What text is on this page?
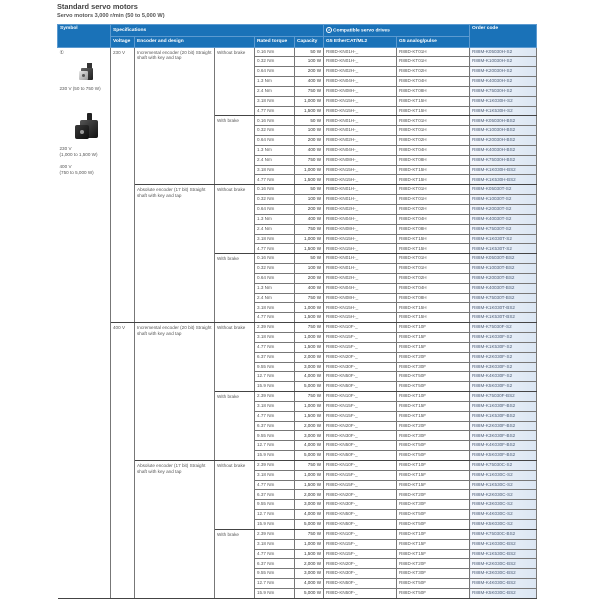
Standard servo motors
Servo motors 3,000 r/min (50 to 5,000 W)
Symbol	Specifications					2 Compatible servo drives		Order code
	Voltage	Encoder and design		Rated torque	Capacity	G5 EtherCAT/ML2	G5 analog/pulse	

①
230 V (50 to 750 W)
230 V
(1,000 to 1,500 W)
400 V
(750 to 5,000 W)
	230 V	Incremental encoder (20 bit) Straight shaft with key and tap	Without brake	0.16 Nm	50 W	R88D-KN01H-_	R88D-KT01H	R88M-K05030H-S2
				0.32 Nm	100 W	R88D-KN01H-_	R88D-KT01H	R88M-K10030H-S2
				0.64 Nm	200 W	R88D-KN02H-_	R88D-KT02H	R88M-K20030H-S2
				1.3 Nm	400 W	R88D-KN04H-_	R88D-KT04H	R88M-K40030H-S2
				2.4 Nm	750 W	R88D-KN08H-_	R88D-KT08H	R88M-K75030H-S2
				3.18 Nm	1,000 W	R88D-KN15H-_	R88D-KT15H	R88M-K1K030H-S2
				4.77 Nm	1,500 W	R88D-KN15H-_	R88D-KT15H	R88M-K1K530H-S2
			With brake	0.16 Nm	50 W	R88D-KN01H-_	R88D-KT01H	R88M-K05030H-BS2
				0.32 Nm	100 W	R88D-KN01H-_	R88D-KT01H	R88M-K10030H-BS2
				0.64 Nm	200 W	R88D-KN02H-_	R88D-KT02H	R88M-K20030H-BS2
				1.3 Nm	400 W	R88D-KN04H-_	R88D-KT04H	R88M-K40030H-BS2
				2.4 Nm	750 W	R88D-KN08H-_	R88D-KT08H	R88M-K75030H-BS2
				3.18 Nm	1,000 W	R88D-KN15H-_	R88D-KT15H	R88M-K1K030H-BS2
				4.77 Nm	1,500 W	R88D-KN15H-_	R88D-KT15H	R88M-K1K530H-BS2
		Absolute encoder (17 bit) Straight shaft with key and tap	Without brake	0.16 Nm	50 W	R88D-KN01H-_	R88D-KT01H	R88M-K05030T-S2
				0.32 Nm	100 W	R88D-KN01H-_	R88D-KT01H	R88M-K10030T-S2
				0.64 Nm	200 W	R88D-KN02H-_	R88D-KT02H	R88M-K20030T-S2
				1.3 Nm	400 W	R88D-KN04H-_	R88D-KT04H	R88M-K40030T-S2
				2.4 Nm	750 W	R88D-KN08H-_	R88D-KT08H	R88M-K75030T-S2
				3.18 Nm	1,000 W	R88D-KN15H-_	R88D-KT15H	R88M-K1K030T-S2
				4.77 Nm	1,500 W	R88D-KN15H-_	R88D-KT15H	R88M-K1K530T-S2
			With brake	0.16 Nm	50 W	R88D-KN01H-_	R88D-KT01H	R88M-K05030T-BS2
				0.32 Nm	100 W	R88D-KN01H-_	R88D-KT01H	R88M-K10030T-BS2
				0.64 Nm	200 W	R88D-KN02H-_	R88D-KT02H	R88M-K20030T-BS2
				1.3 Nm	400 W	R88D-KN04H-_	R88D-KT04H	R88M-K40030T-BS2
				2.4 Nm	750 W	R88D-KN08H-_	R88D-KT08H	R88M-K75030T-BS2
				3.18 Nm	1,000 W	R88D-KN15H-_	R88D-KT15H	R88M-K1K030T-BS2
				4.77 Nm	1,500 W	R88D-KN15H-_	R88D-KT15H	R88M-K1K530T-BS2
	400 V	Incremental encoder (20 bit) Straight shaft with key and tap	Without brake	2.39 Nm	750 W	R88D-KN10F-_	R88D-KT10F	R88M-K75030F-S2
				3.18 Nm	1,000 W	R88D-KN15F-_	R88D-KT15F	R88M-K1K030F-S2
				4.77 Nm	1,500 W	R88D-KN15F-_	R88D-KT15F	R88M-K1K530F-S2
				6.37 Nm	2,000 W	R88D-KN20F-_	R88D-KT20F	R88M-K2K030F-S2
				9.55 Nm	3,000 W	R88D-KN30F-_	R88D-KT30F	R88M-K3K030F-S2
				12.7 Nm	4,000 W	R88D-KN50F-_	R88D-KT50F	R88M-K4K030F-S2
				15.9 Nm	5,000 W	R88D-KN50F-_	R88D-KT50F	R88M-K5K030F-S2
			With brake	2.39 Nm	750 W	R88D-KN10F-_	R88D-KT10F	R88M-K75030F-BS2
				3.18 Nm	1,000 W	R88D-KN15F-_	R88D-KT15F	R88M-K1K030F-BS2
				4.77 Nm	1,500 W	R88D-KN15F-_	R88D-KT15F	R88M-K1K530F-BS2
				6.37 Nm	2,000 W	R88D-KN20F-_	R88D-KT20F	R88M-K2K030F-BS2
				9.55 Nm	3,000 W	R88D-KN30F-_	R88D-KT30F	R88M-K3K030F-BS2
				12.7 Nm	4,000 W	R88D-KN50F-_	R88D-KT50F	R88M-K4K030F-BS2
				15.9 Nm	5,000 W	R88D-KN50F-_	R88D-KT50F	R88M-K5K030F-BS2
		Absolute encoder (17 bit) Straight shaft with key and tap	Without brake	2.39 Nm	750 W	R88D-KN10F-_	R88D-KT10F	R88M-K75030C-S2
				3.18 Nm	1,000 W	R88D-KN15F-_	R88D-KT15F	R88M-K1K030C-S2
				4.77 Nm	1,500 W	R88D-KN15F-_	R88D-KT15F	R88M-K1K530C-S2
				6.37 Nm	2,000 W	R88D-KN20F-_	R88D-KT20F	R88M-K2K030C-S2
				9.55 Nm	3,000 W	R88D-KN30F-_	R88D-KT30F	R88M-K3K030C-S2
				12.7 Nm	4,000 W	R88D-KN50F-_	R88D-KT50F	R88M-K4K030C-S2
				15.9 Nm	5,000 W	R88D-KN50F-_	R88D-KT50F	R88M-K5K030C-S2
			With brake	2.39 Nm	750 W	R88D-KN10F-_	R88D-KT10F	R88M-K75030C-BS2
				3.18 Nm	1,000 W	R88D-KN15F-_	R88D-KT15F	R88M-K1K030C-BS2
				4.77 Nm	1,500 W	R88D-KN15F-_	R88D-KT15F	R88M-K1K530C-BS2
				6.37 Nm	2,000 W	R88D-KN20F-_	R88D-KT20F	R88M-K2K030C-BS2
				9.55 Nm	3,000 W	R88D-KN30F-_	R88D-KT30F	R88M-K3K030C-BS2
				12.7 Nm	4,000 W	R88D-KN50F-_	R88D-KT50F	R88M-K4K030C-BS2
				15.9 Nm	5,000 W	R88D-KN50F-_	R88D-KT50F	R88M-K5K030C-BS2
